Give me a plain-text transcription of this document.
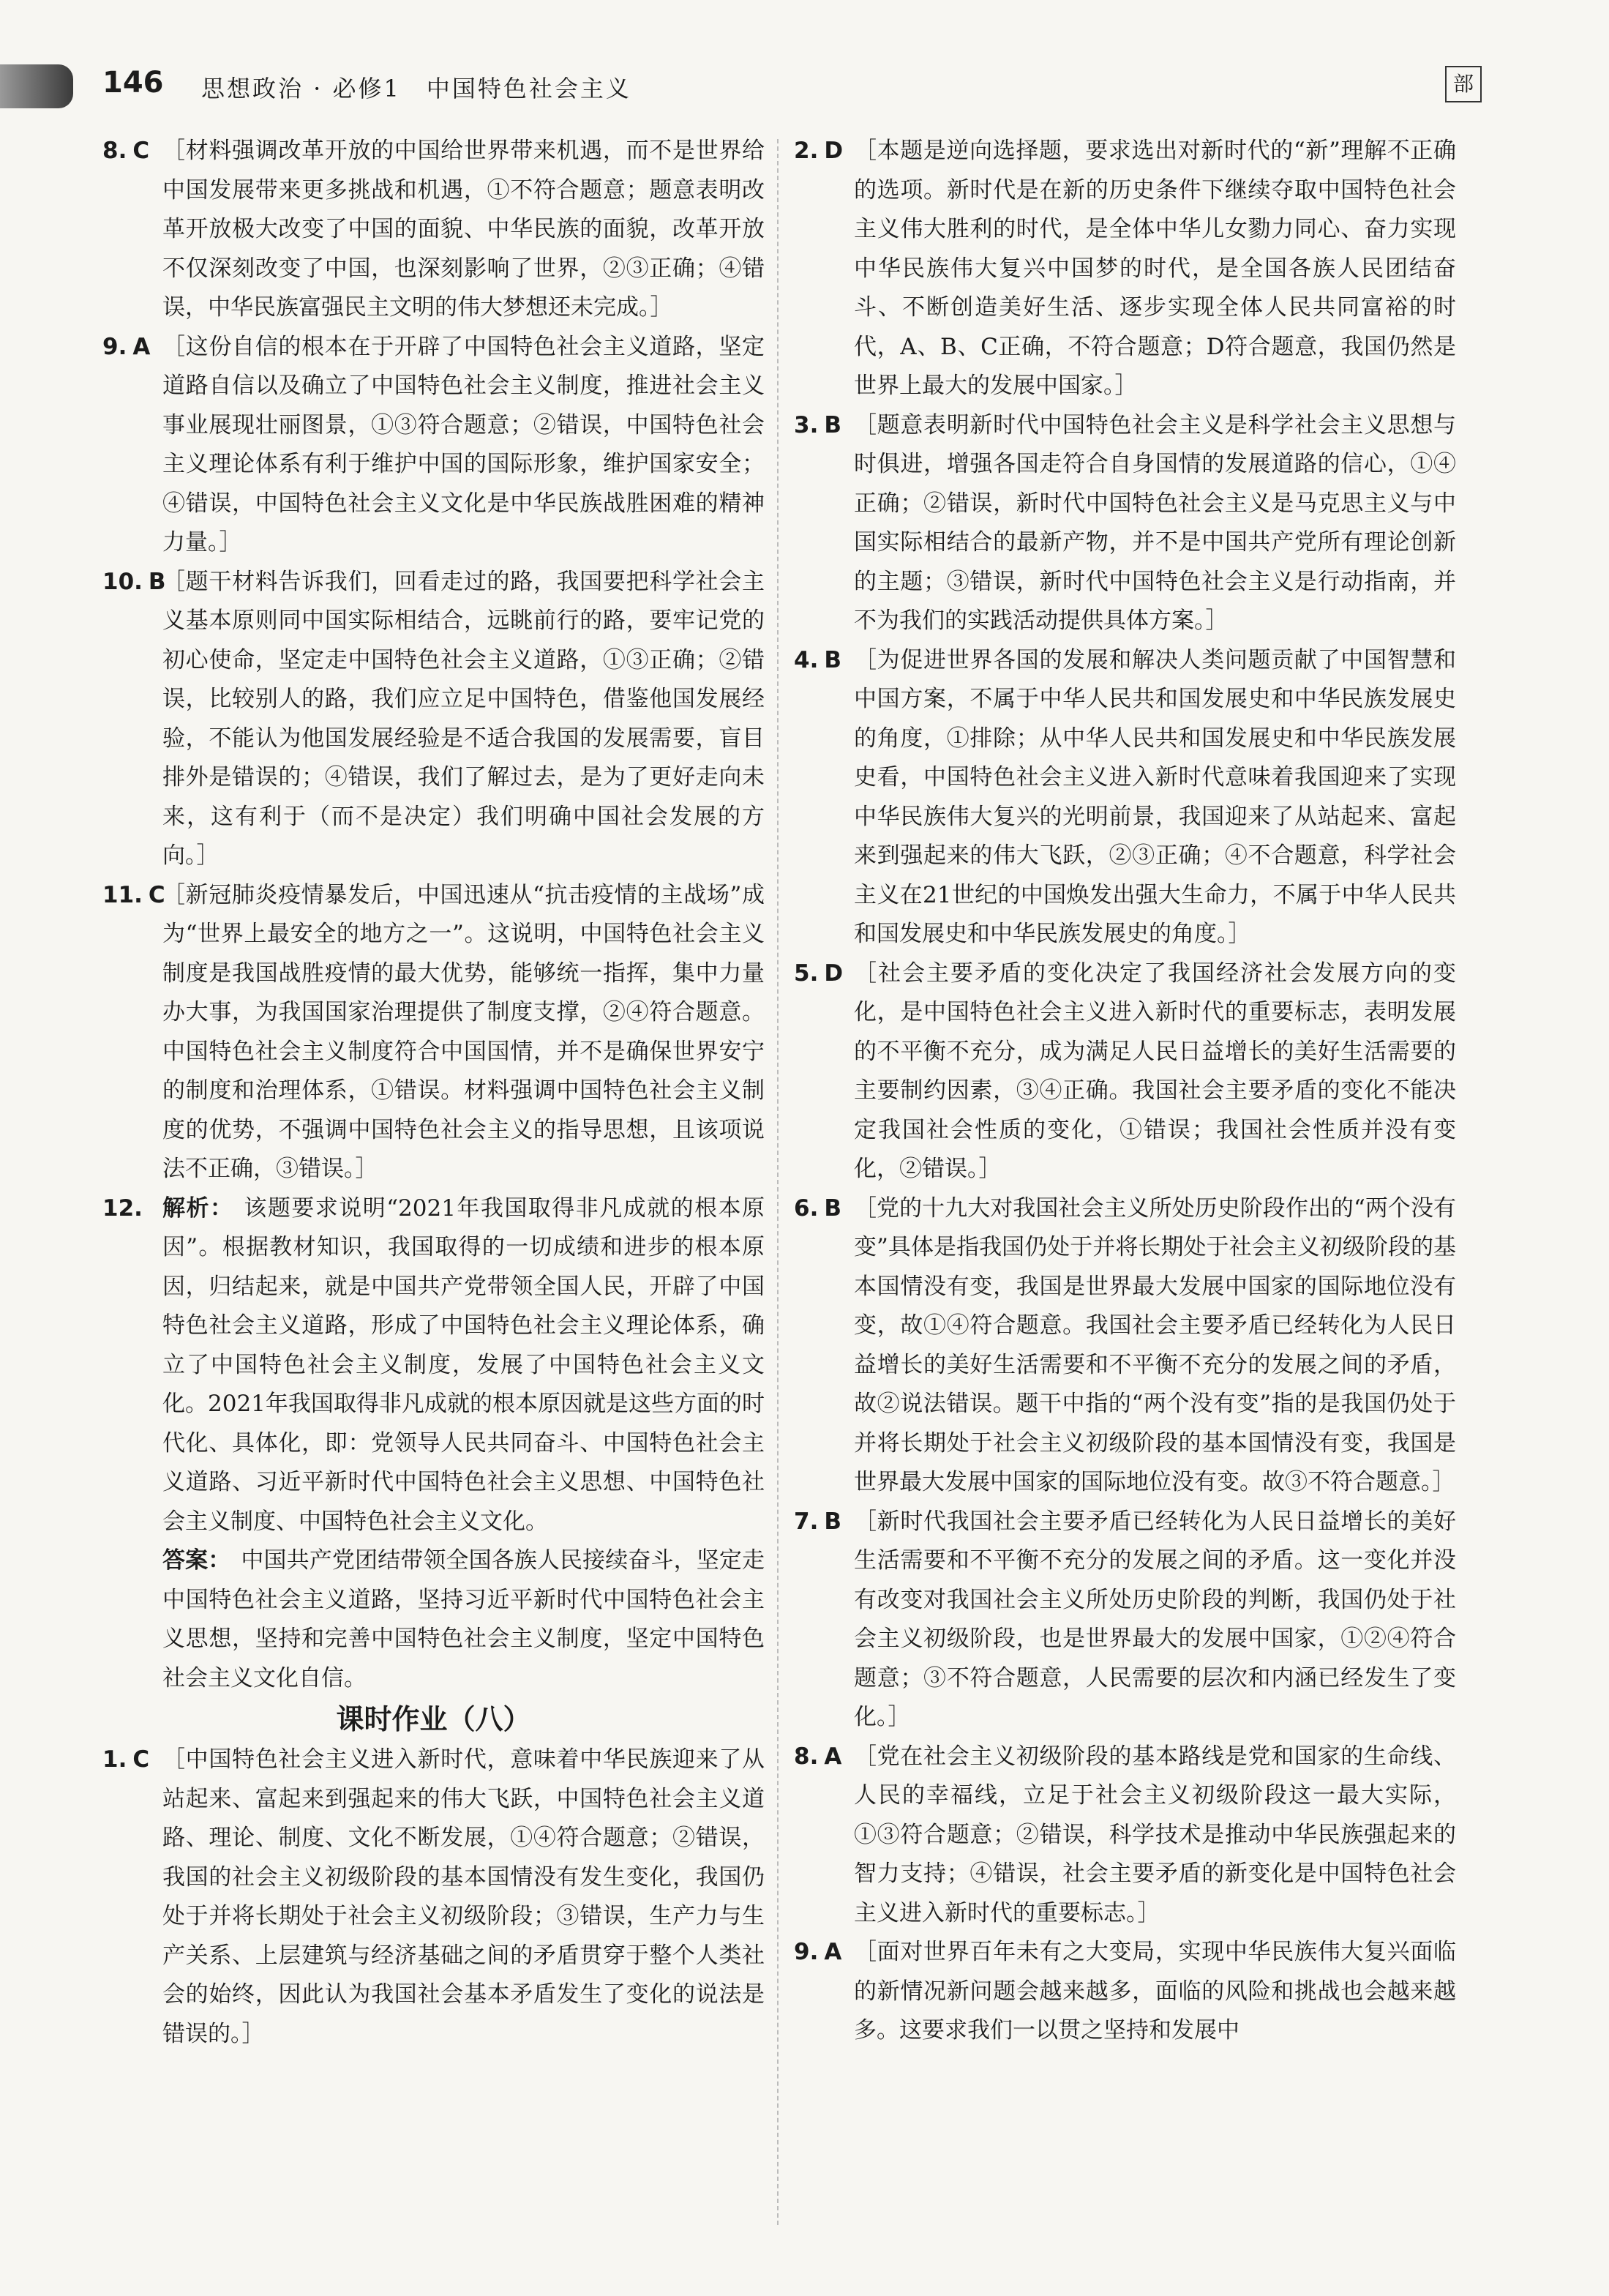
146 思想政治 · 必修1　中国特色社会主义	部
8. C ［材料强调改革开放的中国给世界带来机遇，而不是世界给中国发展带来更多挑战和机遇，①不符合题意；题意表明改革开放极大改变了中国的面貌、中华民族的面貌，改革开放不仅深刻改变了中国，也深刻影响了世界，②③正确；④错误，中华民族富强民主文明的伟大梦想还未完成。］
9. A ［这份自信的根本在于开辟了中国特色社会主义道路，坚定道路自信以及确立了中国特色社会主义制度，推进社会主义事业展现壮丽图景，①③符合题意；②错误，中国特色社会主义理论体系有利于维护中国的国际形象，维护国家安全；④错误，中国特色社会主义文化是中华民族战胜困难的精神力量。］
10. B
［题干材料告诉我们，回看走过的路，我国要把科学社会主义基本原则同中国实际相结合，远眺前行的路，要牢记党的初心使命，坚定走中国特色社会主义道路，①③正确；②错误，比较别人的路，我们应立足中国特色，借鉴他国发展经验，不能认为他国发展经验是不适合我国的发展需要，盲目排外是错误的；④错误，我们了解过去，是为了更好走向未来，这有利于（而不是决定）我们明确中国社会发展的方向。］
11. C
［新冠肺炎疫情暴发后，中国迅速从“抗击疫情的主战场”成为“世界上最安全的地方之一”。这说明，中国特色社会主义制度是我国战胜疫情的最大优势，能够统一指挥，集中力量办大事，为我国国家治理提供了制度支撑，②④符合题意。中国特色社会主义制度符合中国国情，并不是确保世界安宁的制度和治理体系，①错误。材料强调中国特色社会主义制度的优势，不强调中国特色社会主义的指导思想，且该项说法不正确，③错误。］
12. 解析： 该题要求说明“2021年我国取得非凡成就的根本原因”。根据教材知识，我国取得的一切成绩和进步的根本原因，归结起来，就是中国共产党带领全国人民，开辟了中国特色社会主义道路，形成了中国特色社会主义理论体系，确立了中国特色社会主义制度，发展了中国特色社会主义文化。2021年我国取得非凡成就的根本原因就是这些方面的时代化、具体化，即：党领导人民共同奋斗、中国特色社会主义道路、习近平新时代中国特色社会主义思想、中国特色社会主义制度、中国特色社会主义文化。
答案： 中国共产党团结带领全国各族人民接续奋斗，坚定走中国特色社会主义道路，坚持习近平新时代中国特色社会主义思想，坚持和完善中国特色社会主义制度，坚定中国特色社会主义文化自信。
课时作业（八）
1. C ［中国特色社会主义进入新时代，意味着中华民族迎来了从站起来、富起来到强起来的伟大飞跃，中国特色社会主义道路、理论、制度、文化不断发展，①④符合题意；②错误，我国的社会主义初级阶段的基本国情没有发生变化，我国仍处于并将长期处于社会主义初级阶段；③错误，生产力与生产关系、上层建筑与经济基础之间的矛盾贯穿于整个人类社会的始终，因此认为我国社会基本矛盾发生了变化的说法是错误的。］
2. D ［本题是逆向选择题，要求选出对新时代的“新”理解不正确的选项。新时代是在新的历史条件下继续夺取中国特色社会主义伟大胜利的时代，是全体中华儿女勠力同心、奋力实现中华民族伟大复兴中国梦的时代，是全国各族人民团结奋斗、不断创造美好生活、逐步实现全体人民共同富裕的时代，A、B、C正确，不符合题意；D符合题意，我国仍然是世界上最大的发展中国家。］
3. B ［题意表明新时代中国特色社会主义是科学社会主义思想与时俱进，增强各国走符合自身国情的发展道路的信心，①④正确；②错误，新时代中国特色社会主义是马克思主义与中国实际相结合的最新产物，并不是中国共产党所有理论创新的主题；③错误，新时代中国特色社会主义是行动指南，并不为我们的实践活动提供具体方案。］
4. B ［为促进世界各国的发展和解决人类问题贡献了中国智慧和中国方案，不属于中华人民共和国发展史和中华民族发展史的角度，①排除；从中华人民共和国发展史和中华民族发展史看，中国特色社会主义进入新时代意味着我国迎来了实现中华民族伟大复兴的光明前景，我国迎来了从站起来、富起来到强起来的伟大飞跃，②③正确；④不合题意，科学社会主义在21世纪的中国焕发出强大生命力，不属于中华人民共和国发展史和中华民族发展史的角度。］
5. D ［社会主要矛盾的变化决定了我国经济社会发展方向的变化，是中国特色社会主义进入新时代的重要标志，表明发展的不平衡不充分，成为满足人民日益增长的美好生活需要的主要制约因素，③④正确。我国社会主要矛盾的变化不能决定我国社会性质的变化，①错误；我国社会性质并没有变化，②错误。］
6. B ［党的十九大对我国社会主义所处历史阶段作出的“两个没有变”具体是指我国仍处于并将长期处于社会主义初级阶段的基本国情没有变，我国是世界最大发展中国家的国际地位没有变，故①④符合题意。我国社会主要矛盾已经转化为人民日益增长的美好生活需要和不平衡不充分的发展之间的矛盾，故②说法错误。题干中指的“两个没有变”指的是我国仍处于并将长期处于社会主义初级阶段的基本国情没有变，我国是世界最大发展中国家的国际地位没有变。故③不符合题意。］
7. B ［新时代我国社会主要矛盾已经转化为人民日益增长的美好生活需要和不平衡不充分的发展之间的矛盾。这一变化并没有改变对我国社会主义所处历史阶段的判断，我国仍处于社会主义初级阶段，也是世界最大的发展中国家，①②④符合题意；③不符合题意，人民需要的层次和内涵已经发生了变化。］
8. A ［党在社会主义初级阶段的基本路线是党和国家的生命线、人民的幸福线，立足于社会主义初级阶段这一最大实际，①③符合题意；②错误，科学技术是推动中华民族强起来的智力支持；④错误，社会主要矛盾的新变化是中国特色社会主义进入新时代的重要标志。］
9. A ［面对世界百年未有之大变局，实现中华民族伟大复兴面临的新情况新问题会越来越多，面临的风险和挑战也会越来越多。这要求我们一以贯之坚持和发展中
